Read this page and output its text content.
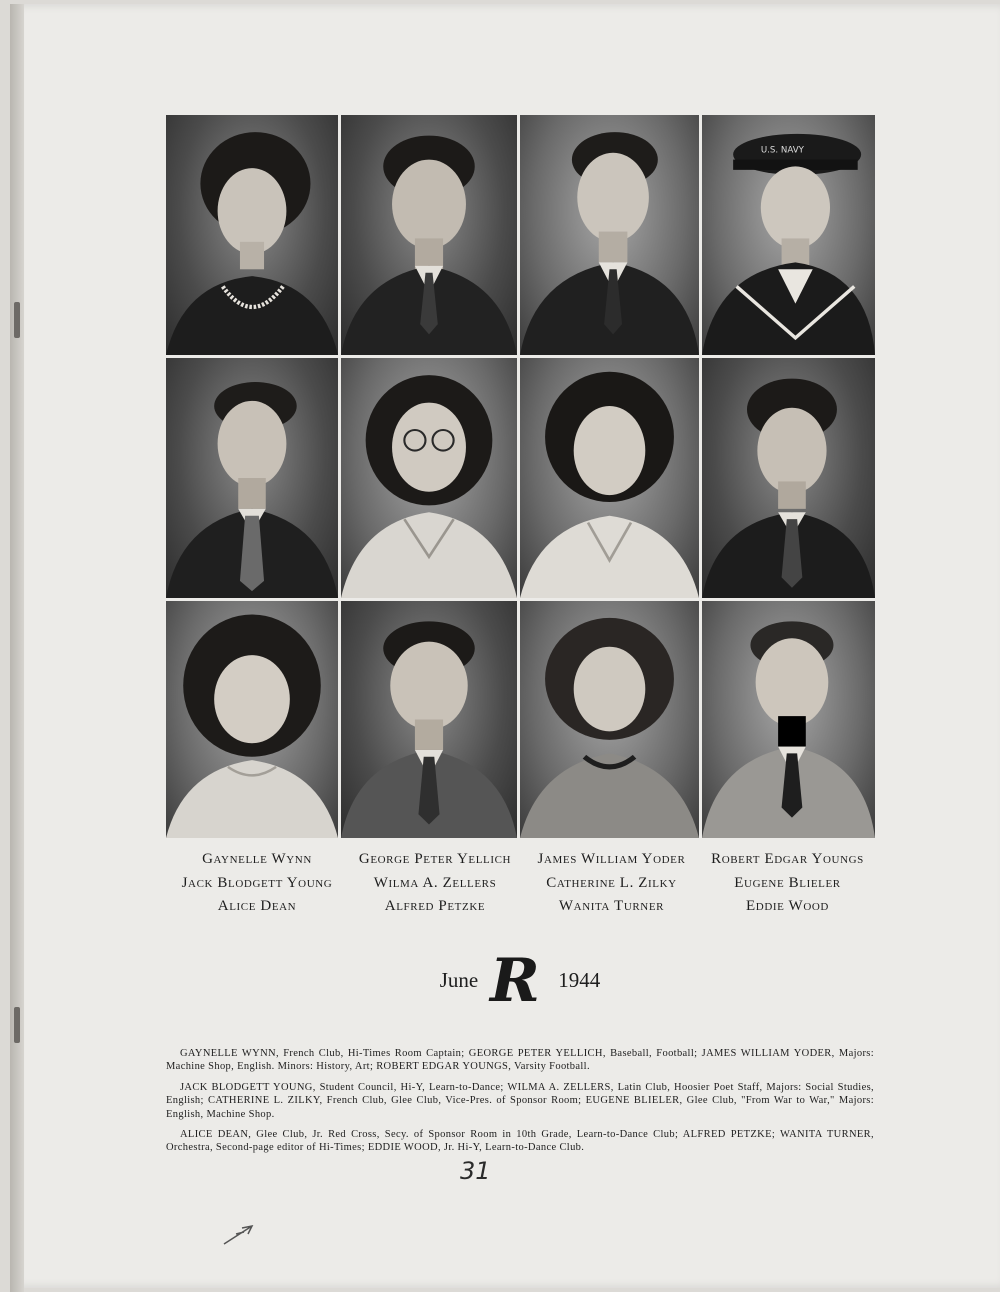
U.S. NAVY
Gaynelle Wynn
Jack Blodgett Young
Alice Dean
George Peter Yellich
Wilma A. Zellers
Alfred Petzke
James William Yoder
Catherine L. Zilky
Wanita Turner
Robert Edgar Youngs
Eugene Blieler
Eddie Wood
June R 1944

GAYNELLE WYNN, French Club, Hi-Times Room Captain; GEORGE PETER YELLICH, Baseball, Football; JAMES WILLIAM YODER, Majors: Machine Shop, English. Minors: History, Art; ROBERT EDGAR YOUNGS, Varsity Football.

JACK BLODGETT YOUNG, Student Council, Hi-Y, Learn-to-Dance; WILMA A. ZELLERS, Latin Club, Hoosier Poet Staff, Majors: Social Studies, English; CATHERINE L. ZILKY, French Club, Glee Club, Vice-Pres. of Sponsor Room; EUGENE BLIELER, Glee Club, "From War to War," Majors: English, Machine Shop.

ALICE DEAN, Glee Club, Jr. Red Cross, Secy. of Sponsor Room in 10th Grade, Learn-to-Dance Club; ALFRED PETZKE; WANITA TURNER, Orchestra, Second-page editor of Hi-Times; EDDIE WOOD, Jr. Hi-Y, Learn-to-Dance Club.

31
